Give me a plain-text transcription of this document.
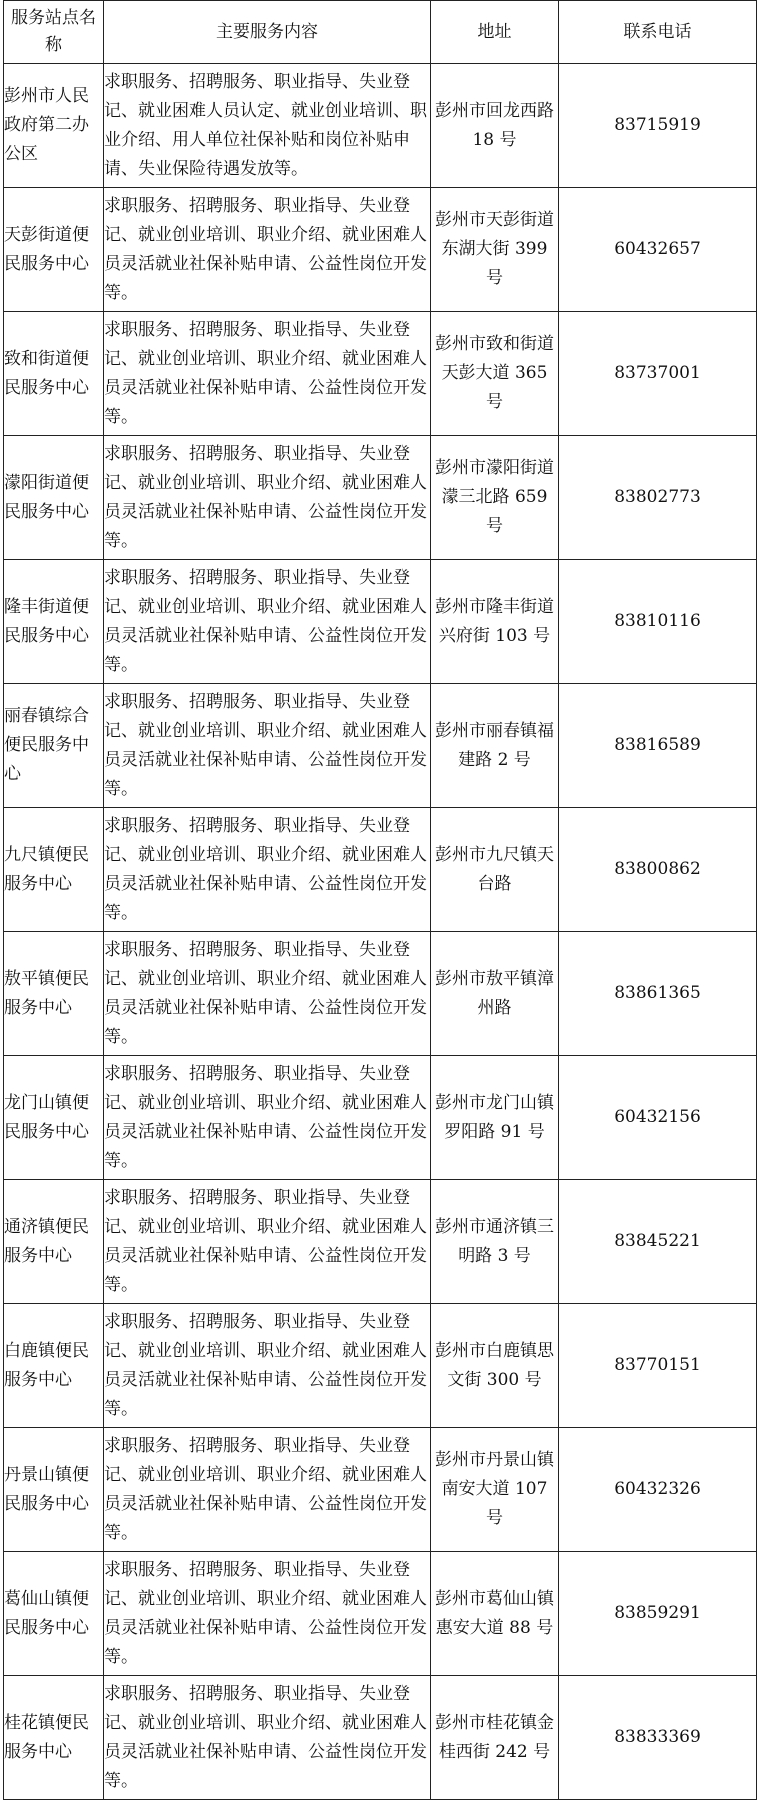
服务站点名称	主要服务内容	地址	联系电话
彭州市人民政府第二办公区	求职服务、招聘服务、职业指导、失业登记、就业困难人员认定、就业创业培训、职业介绍、用人单位社保补贴和岗位补贴申请、失业保险待遇发放等。	彭州市回龙西路 18 号	83715919
天彭街道便民服务中心	求职服务、招聘服务、职业指导、失业登记、就业创业培训、职业介绍、就业困难人员灵活就业社保补贴申请、公益性岗位开发等。	彭州市天彭街道东湖大街 399 号	60432657
致和街道便民服务中心	求职服务、招聘服务、职业指导、失业登记、就业创业培训、职业介绍、就业困难人员灵活就业社保补贴申请、公益性岗位开发等。	彭州市致和街道天彭大道 365 号	83737001
濛阳街道便民服务中心	求职服务、招聘服务、职业指导、失业登记、就业创业培训、职业介绍、就业困难人员灵活就业社保补贴申请、公益性岗位开发等。	彭州市濛阳街道濛三北路 659 号	83802773
隆丰街道便民服务中心	求职服务、招聘服务、职业指导、失业登记、就业创业培训、职业介绍、就业困难人员灵活就业社保补贴申请、公益性岗位开发等。	彭州市隆丰街道兴府街 103 号	83810116
丽春镇综合便民服务中心	求职服务、招聘服务、职业指导、失业登记、就业创业培训、职业介绍、就业困难人员灵活就业社保补贴申请、公益性岗位开发等。	彭州市丽春镇福建路 2 号	83816589
九尺镇便民服务中心	求职服务、招聘服务、职业指导、失业登记、就业创业培训、职业介绍、就业困难人员灵活就业社保补贴申请、公益性岗位开发等。	彭州市九尺镇天台路	83800862
敖平镇便民服务中心	求职服务、招聘服务、职业指导、失业登记、就业创业培训、职业介绍、就业困难人员灵活就业社保补贴申请、公益性岗位开发等。	彭州市敖平镇漳州路	83861365
龙门山镇便民服务中心	求职服务、招聘服务、职业指导、失业登记、就业创业培训、职业介绍、就业困难人员灵活就业社保补贴申请、公益性岗位开发等。	彭州市龙门山镇罗阳路 91 号	60432156
通济镇便民服务中心	求职服务、招聘服务、职业指导、失业登记、就业创业培训、职业介绍、就业困难人员灵活就业社保补贴申请、公益性岗位开发等。	彭州市通济镇三明路 3 号	83845221
白鹿镇便民服务中心	求职服务、招聘服务、职业指导、失业登记、就业创业培训、职业介绍、就业困难人员灵活就业社保补贴申请、公益性岗位开发等。	彭州市白鹿镇思文街 300 号	83770151
丹景山镇便民服务中心	求职服务、招聘服务、职业指导、失业登记、就业创业培训、职业介绍、就业困难人员灵活就业社保补贴申请、公益性岗位开发等。	彭州市丹景山镇南安大道 107 号	60432326
葛仙山镇便民服务中心	求职服务、招聘服务、职业指导、失业登记、就业创业培训、职业介绍、就业困难人员灵活就业社保补贴申请、公益性岗位开发等。	彭州市葛仙山镇惠安大道 88 号	83859291
桂花镇便民服务中心	求职服务、招聘服务、职业指导、失业登记、就业创业培训、职业介绍、就业困难人员灵活就业社保补贴申请、公益性岗位开发等。	彭州市桂花镇金桂西街 242 号	83833369
